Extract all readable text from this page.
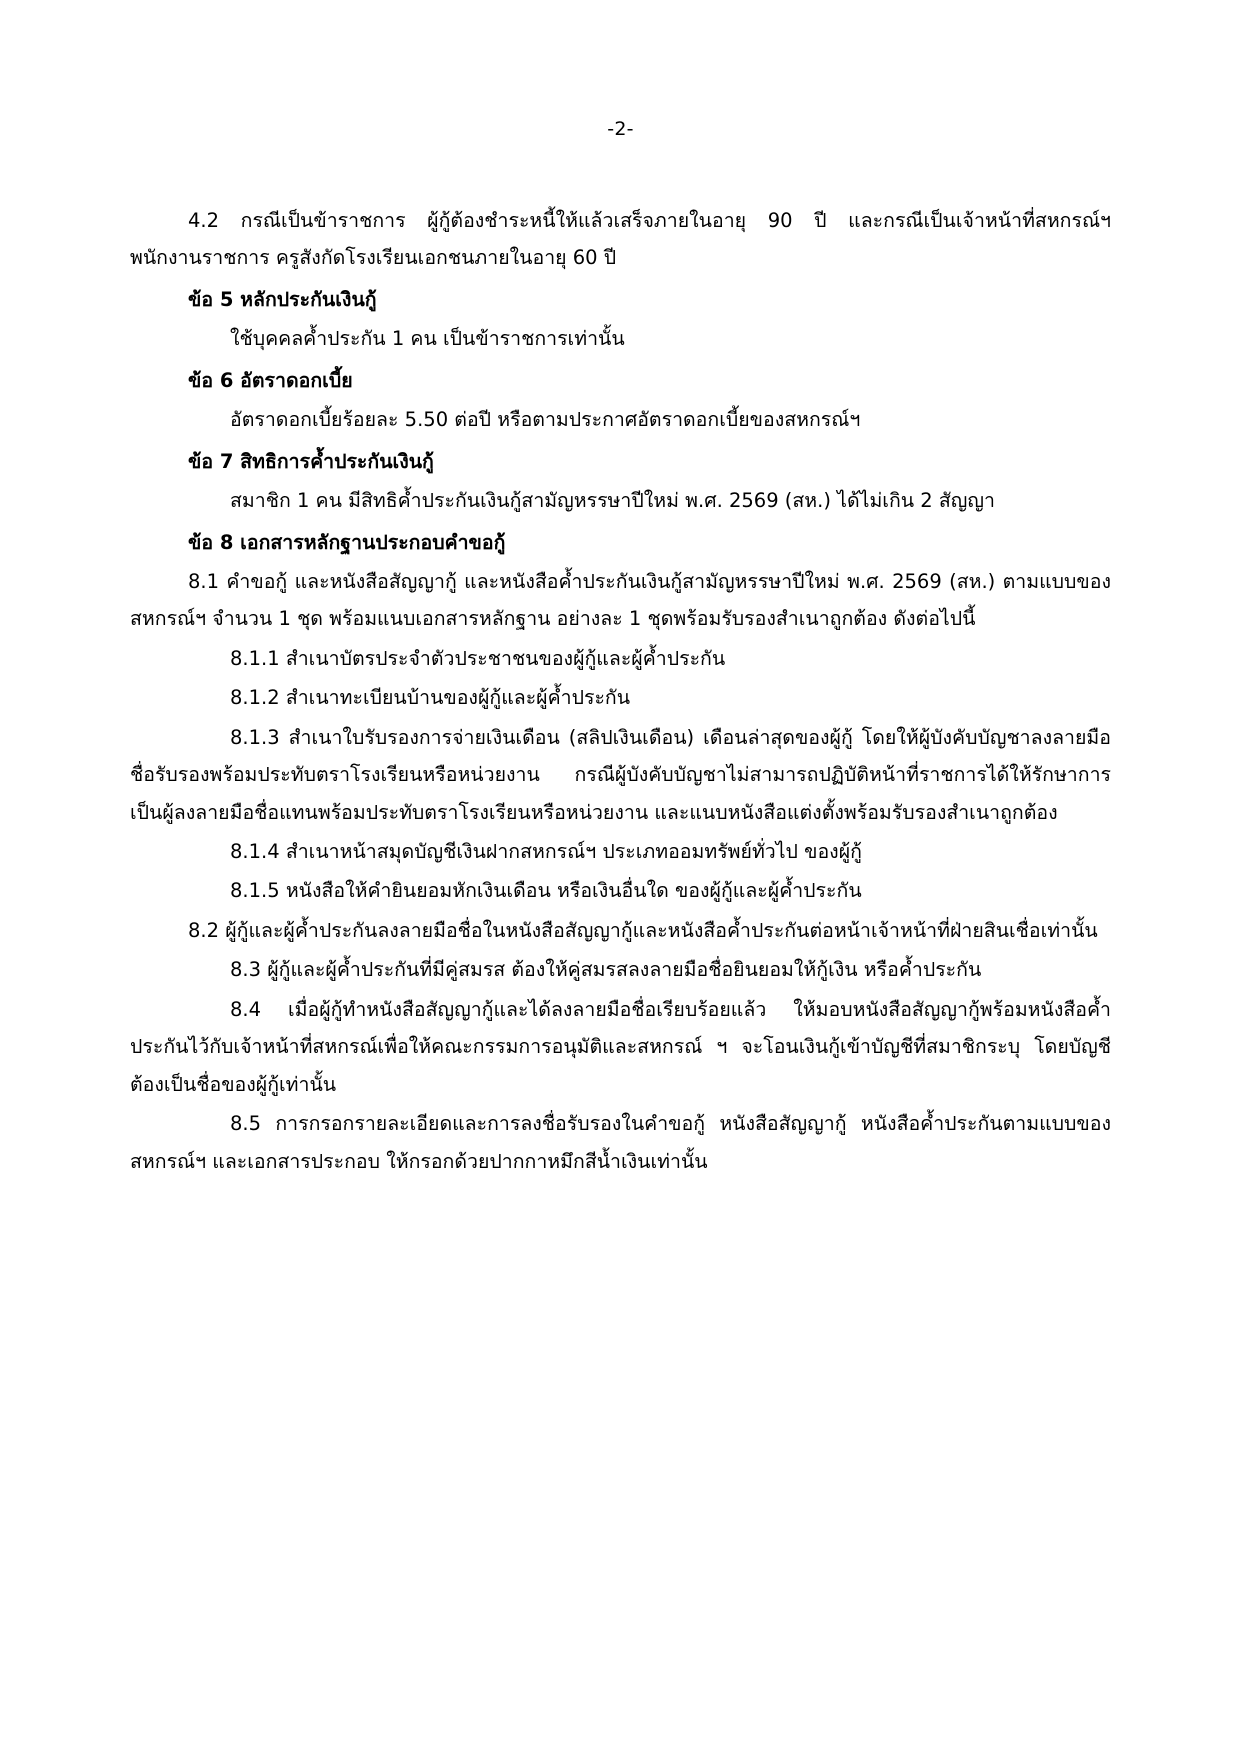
-2-

4.2 กรณีเป็นข้าราชการ ผู้กู้ต้องชำระหนี้ให้แล้วเสร็จภายในอายุ 90 ปี และกรณีเป็นเจ้าหน้าที่สหกรณ์ฯ พนักงานราชการ ครูสังกัดโรงเรียนเอกชนภายในอายุ 60 ปี

ข้อ 5 หลักประกันเงินกู้

ใช้บุคคลค้ำประกัน 1 คน เป็นข้าราชการเท่านั้น

ข้อ 6 อัตราดอกเบี้ย

อัตราดอกเบี้ยร้อยละ 5.50 ต่อปี หรือตามประกาศอัตราดอกเบี้ยของสหกรณ์ฯ

ข้อ 7 สิทธิการค้ำประกันเงินกู้

สมาชิก 1 คน มีสิทธิค้ำประกันเงินกู้สามัญหรรษาปีใหม่ พ.ศ. 2569 (สห.) ได้ไม่เกิน 2 สัญญา

ข้อ 8 เอกสารหลักฐานประกอบคำขอกู้

8.1 คำขอกู้ และหนังสือสัญญากู้ และหนังสือค้ำประกันเงินกู้สามัญหรรษาปีใหม่ พ.ศ. 2569 (สห.) ตามแบบของสหกรณ์ฯ จำนวน 1 ชุด พร้อมแนบเอกสารหลักฐาน อย่างละ 1 ชุดพร้อมรับรองสำเนาถูกต้อง ดังต่อไปนี้

8.1.1 สำเนาบัตรประจำตัวประชาชนของผู้กู้และผู้ค้ำประกัน

8.1.2 สำเนาทะเบียนบ้านของผู้กู้และผู้ค้ำประกัน

8.1.3 สำเนาใบรับรองการจ่ายเงินเดือน (สลิปเงินเดือน) เดือนล่าสุดของผู้กู้ โดยให้ผู้บังคับบัญชาลงลายมือชื่อรับรองพร้อมประทับตราโรงเรียนหรือหน่วยงาน กรณีผู้บังคับบัญชาไม่สามารถปฏิบัติหน้าที่ราชการได้ให้รักษาการเป็นผู้ลงลายมือชื่อแทนพร้อมประทับตราโรงเรียนหรือหน่วยงาน และแนบหนังสือแต่งตั้งพร้อมรับรองสำเนาถูกต้อง

8.1.4 สำเนาหน้าสมุดบัญชีเงินฝากสหกรณ์ฯ ประเภทออมทรัพย์ทั่วไป ของผู้กู้

8.1.5 หนังสือให้คำยินยอมหักเงินเดือน หรือเงินอื่นใด ของผู้กู้และผู้ค้ำประกัน

8.2 ผู้กู้และผู้ค้ำประกันลงลายมือชื่อในหนังสือสัญญากู้และหนังสือค้ำประกันต่อหน้าเจ้าหน้าที่ฝ่ายสินเชื่อเท่านั้น

8.3 ผู้กู้และผู้ค้ำประกันที่มีคู่สมรส ต้องให้คู่สมรสลงลายมือชื่อยินยอมให้กู้เงิน หรือค้ำประกัน

8.4 เมื่อผู้กู้ทำหนังสือสัญญากู้และได้ลงลายมือชื่อเรียบร้อยแล้ว ให้มอบหนังสือสัญญากู้พร้อมหนังสือค้ำประกันไว้กับเจ้าหน้าที่สหกรณ์เพื่อให้คณะกรรมการอนุมัติและสหกรณ์ ฯ จะโอนเงินกู้เข้าบัญชีที่สมาชิกระบุ โดยบัญชีต้องเป็นชื่อของผู้กู้เท่านั้น

8.5 การกรอกรายละเอียดและการลงชื่อรับรองในคำขอกู้ หนังสือสัญญากู้ หนังสือค้ำประกันตามแบบของสหกรณ์ฯ และเอกสารประกอบ ให้กรอกด้วยปากกาหมึกสีน้ำเงินเท่านั้น
